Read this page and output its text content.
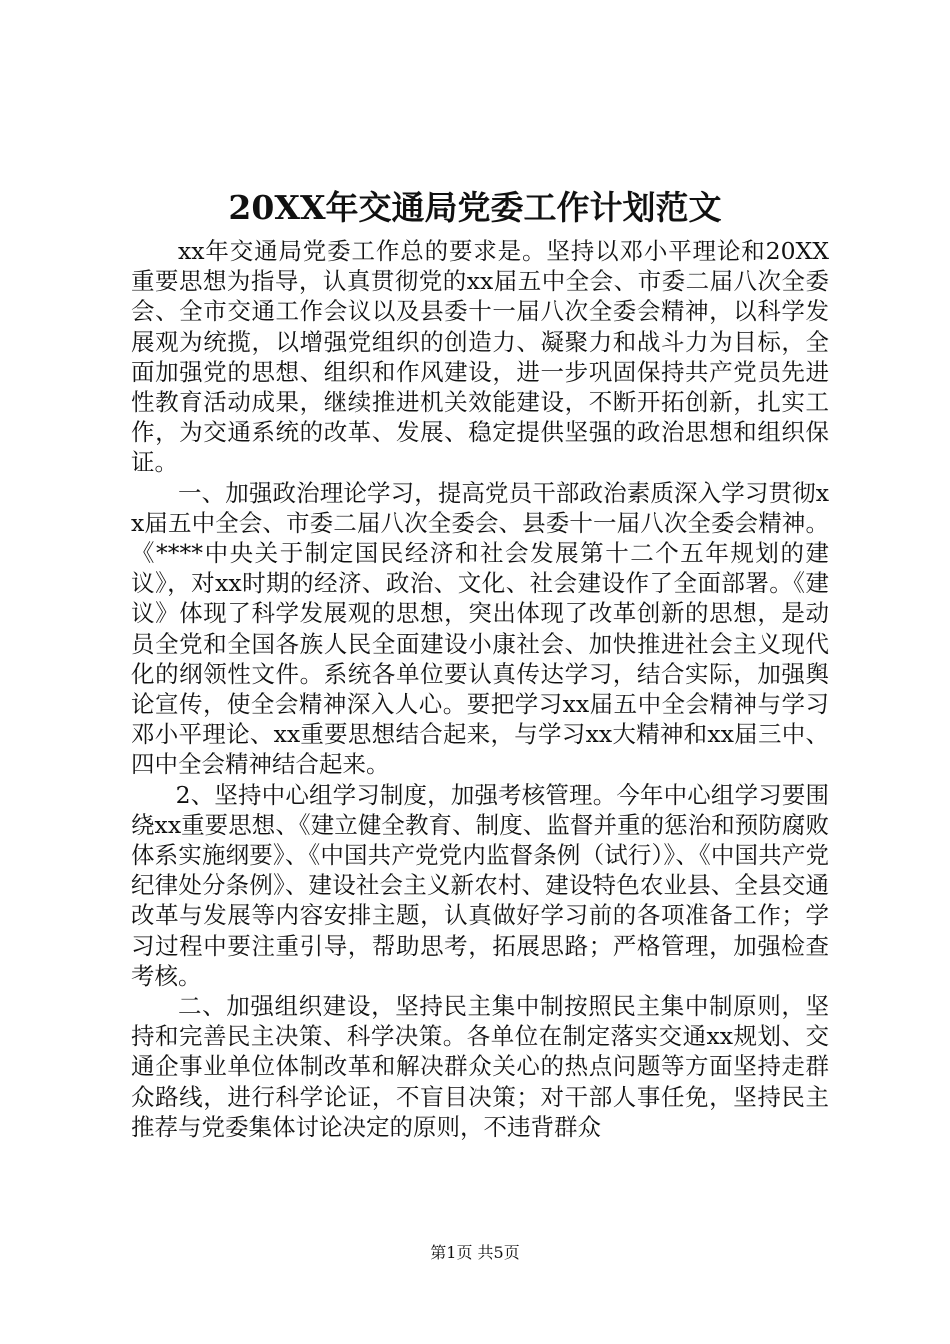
20XX年交通局党委工作计划范文

xx年交通局党委工作总的要求是。坚持以邓小平理论和20XX重要思想为指导，认真贯彻党的xx届五中全会、市委二届八次全委会、全市交通工作会议以及县委十一届八次全委会精神，以科学发展观为统揽，以增强党组织的创造力、凝聚力和战斗力为目标，全面加强党的思想、组织和作风建设，进一步巩固保持共产党员先进性教育活动成果，继续推进机关效能建设，不断开拓创新，扎实工作，为交通系统的改革、发展、稳定提供坚强的政治思想和组织保证。

一、加强政治理论学习，提高党员干部政治素质深入学习贯彻xx届五中全会、市委二届八次全委会、县委十一届八次全委会精神。《****中央关于制定国民经济和社会发展第十二个五年规划的建议》，对xx时期的经济、政治、文化、社会建设作了全面部署。《建议》体现了科学发展观的思想，突出体现了改革创新的思想，是动员全党和全国各族人民全面建设小康社会、加快推进社会主义现代化的纲领性文件。系统各单位要认真传达学习，结合实际，加强舆论宣传，使全会精神深入人心。要把学习xx届五中全会精神与学习邓小平理论、xx重要思想结合起来，与学习xx大精神和xx届三中、四中全会精神结合起来。

2、坚持中心组学习制度，加强考核管理。今年中心组学习要围绕xx重要思想、《建立健全教育、制度、监督并重的惩治和预防腐败体系实施纲要》、《中国共产党党内监督条例（试行）》、《中国共产党纪律处分条例》、建设社会主义新农村、建设特色农业县、全县交通改革与发展等内容安排主题，认真做好学习前的各项准备工作；学习过程中要注重引导，帮助思考，拓展思路；严格管理，加强检查考核。

二、加强组织建设，坚持民主集中制按照民主集中制原则，坚持和完善民主决策、科学决策。各单位在制定落实交通xx规划、交通企事业单位体制改革和解决群众关心的热点问题等方面坚持走群众路线，进行科学论证，不盲目决策；对干部人事任免，坚持民主推荐与党委集体讨论决定的原则，不违背群众

第1页 共5页
